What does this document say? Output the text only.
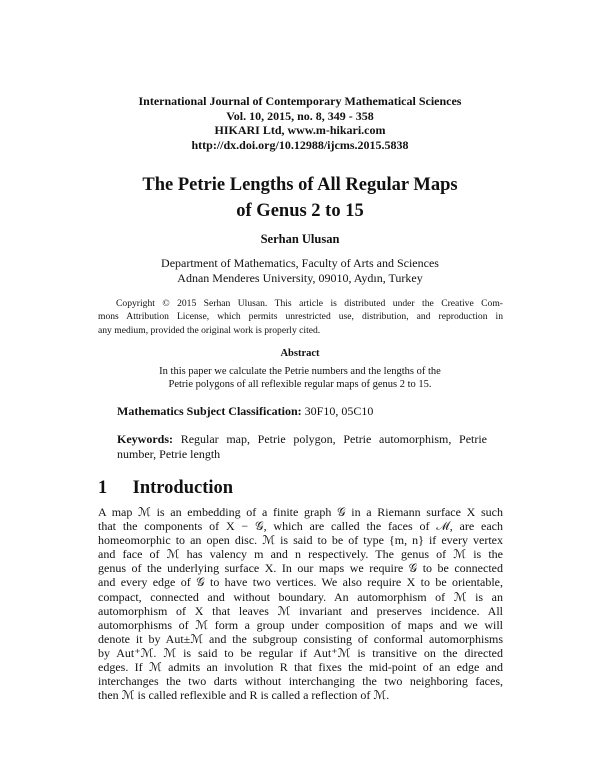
International Journal of Contemporary Mathematical Sciences
Vol. 10, 2015, no. 8, 349 - 358
HIKARI Ltd, www.m-hikari.com
http://dx.doi.org/10.12988/ijcms.2015.5838
The Petrie Lengths of All Regular Maps
of Genus 2 to 15
Serhan Ulusan
Department of Mathematics, Faculty of Arts and Sciences
Adnan Menderes University, 09010, Aydın, Turkey
Copyright © 2015 Serhan Ulusan. This article is distributed under the Creative Com-
mons Attribution License, which permits unrestricted use, distribution, and reproduction in
any medium, provided the original work is properly cited.
Abstract
In this paper we calculate the Petrie numbers and the lengths of the
Petrie polygons of all reflexible regular maps of genus 2 to 15.
Mathematics Subject Classification: 30F10, 05C10
Keywords: Regular map, Petrie polygon, Petrie automorphism, Petrie number, Petrie length
1 Introduction
A map ℳ is an embedding of a finite graph 𝒢 in a Riemann surface X such
that the components of X − 𝒢, which are called the faces of ℳ, are each
homeomorphic to an open disc. ℳ is said to be of type {m, n} if every vertex
and face of ℳ has valency m and n respectively. The genus of ℳ is the
genus of the underlying surface X. In our maps we require 𝒢 to be connected
and every edge of 𝒢 to have two vertices. We also require X to be orientable,
compact, connected and without boundary. An automorphism of ℳ is an
automorphism of X that leaves ℳ invariant and preserves incidence. All
automorphisms of ℳ form a group under composition of maps and we will
denote it by Aut±ℳ and the subgroup consisting of conformal automorphisms
by Aut⁺ℳ. ℳ is said to be regular if Aut⁺ℳ is transitive on the directed
edges. If ℳ admits an involution R that fixes the mid-point of an edge and
interchanges the two darts without interchanging the two neighboring faces,
then ℳ is called reflexible and R is called a reflection of ℳ.
